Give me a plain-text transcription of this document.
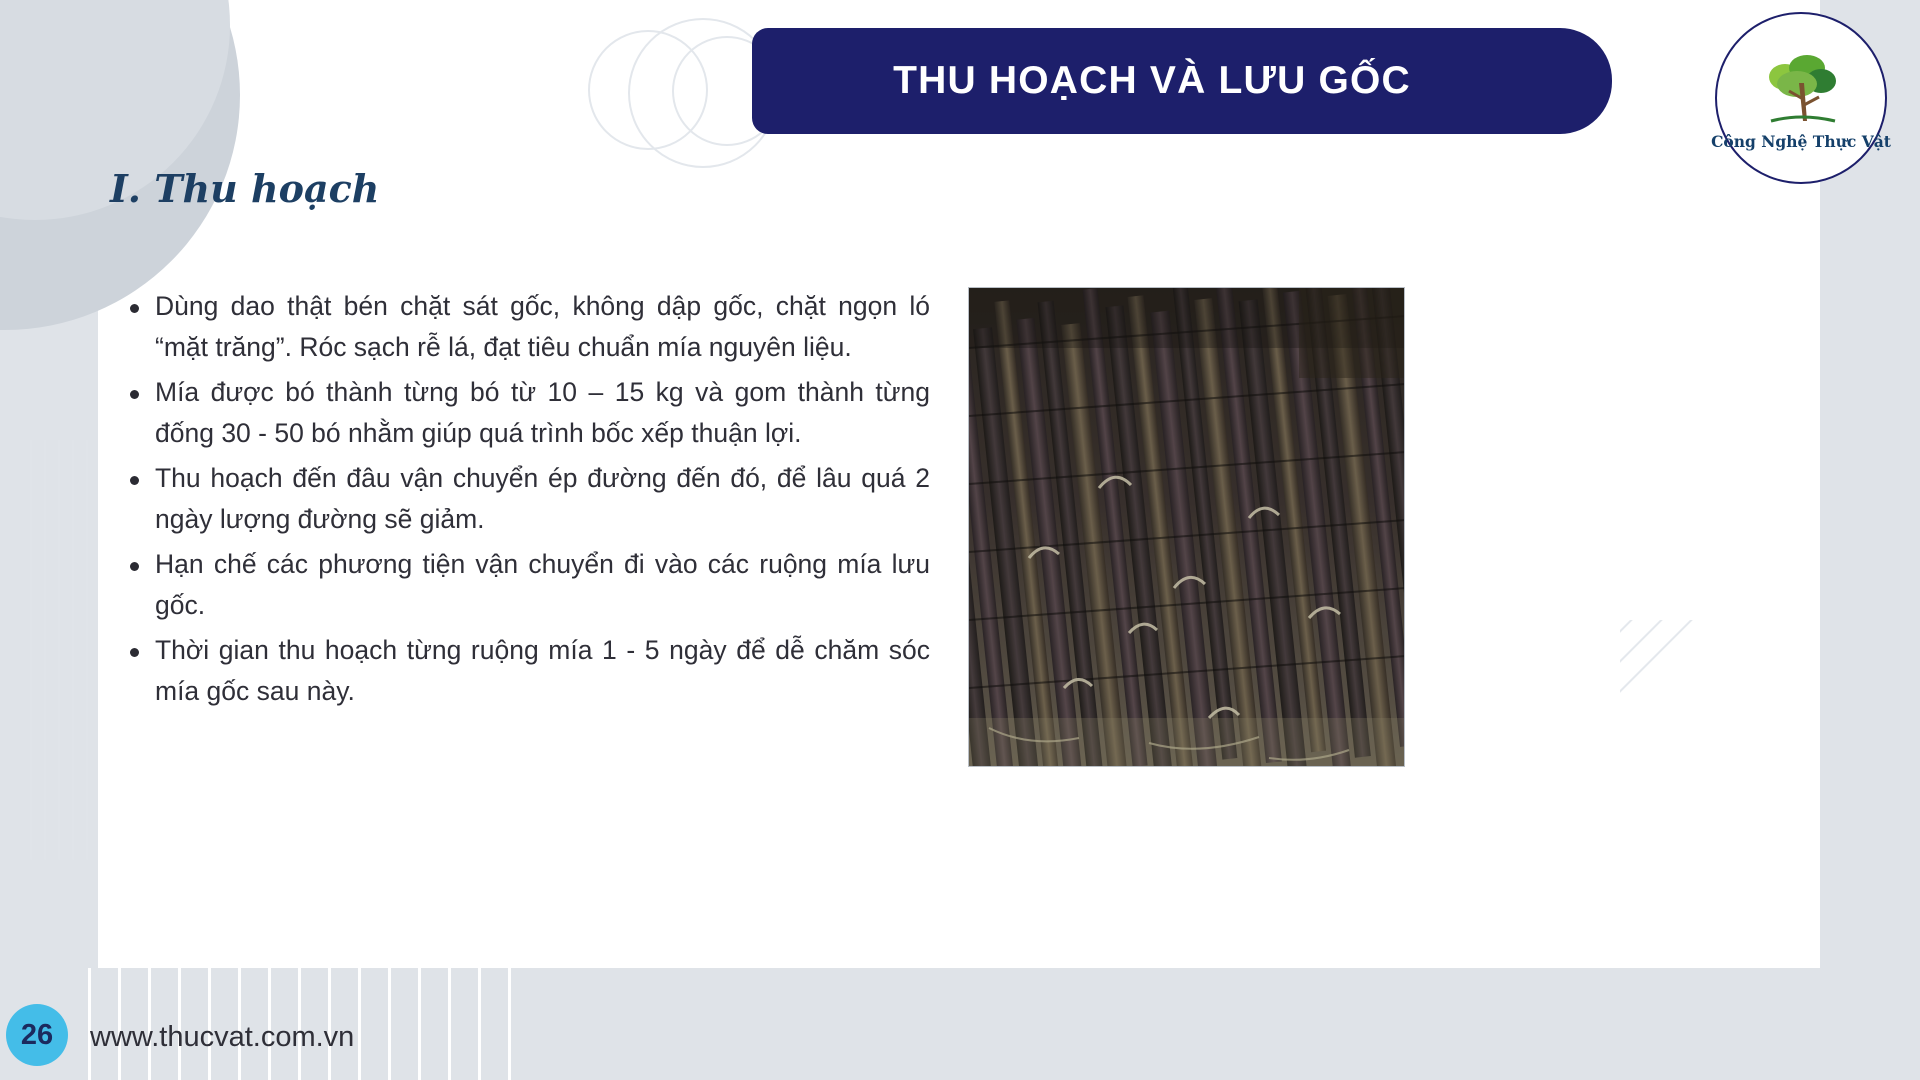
THU HOẠCH VÀ LƯU GỐC
Công Nghệ Thực Vật
I. Thu hoạch
Dùng dao thật bén chặt sát gốc, không dập gốc, chặt ngọn ló “mặt trăng”. Róc sạch rễ lá, đạt tiêu chuẩn mía nguyên liệu.
Mía được bó thành từng bó từ 10 – 15 kg và gom thành từng đống 30 - 50 bó nhằm giúp quá trình bốc xếp thuận lợi.
Thu hoạch đến đâu vận chuyển ép đường đến đó, để lâu quá 2 ngày lượng đường sẽ giảm.
Hạn chế các phương tiện vận chuyển đi vào các ruộng mía lưu gốc.
Thời gian thu hoạch từng ruộng mía 1 - 5 ngày để dễ chăm sóc mía gốc sau này.
26	www.thucvat.com.vn
